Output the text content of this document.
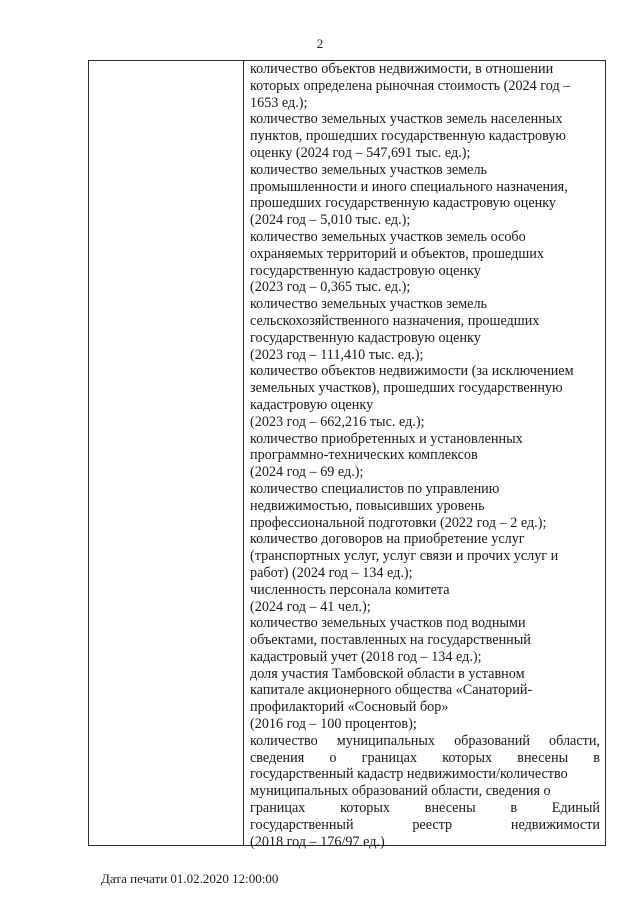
2
количество объектов недвижимости, в отношении
которых определена рыночная стоимость (2024 год –
1653 ед.);
количество земельных участков земель населенных
пунктов, прошедших государственную кадастровую
оценку (2024 год – 547,691 тыс. ед.);
количество земельных участков земель
промышленности и иного специального назначения,
прошедших государственную кадастровую оценку
(2024 год – 5,010 тыс. ед.);
количество земельных участков земель особо
охраняемых территорий и объектов, прошедших
государственную кадастровую оценку
(2023 год – 0,365 тыс. ед.);
количество земельных участков земель
сельскохозяйственного назначения, прошедших
государственную кадастровую оценку
(2023 год – 111,410 тыс. ед.);
количество объектов недвижимости (за исключением
земельных участков), прошедших государственную
кадастровую оценку
(2023 год – 662,216 тыс. ед.);
количество приобретенных и установленных
программно-технических комплексов
(2024 год – 69 ед.);
количество специалистов по управлению
недвижимостью, повысивших уровень
профессиональной подготовки (2022 год – 2 ед.);
количество договоров на приобретение услуг
(транспортных услуг, услуг связи и прочих услуг и
работ) (2024 год – 134 ед.);
численность персонала комитета
(2024 год – 41 чел.);
количество земельных участков под водными
объектами, поставленных на государственный
кадастровый учет (2018 год – 134 ед.);
доля участия Тамбовской области в уставном
капитале акционерного общества «Санаторий-
профилакторий «Сосновый бор»
(2016 год – 100 процентов);
количество муниципальных образований области,
сведения о границах которых внесены в
государственный кадастр недвижимости/количество
муниципальных образований области, сведения о
границах которых внесены в Единый
государственный	реестр	недвижимости
(2018 год – 176/97 ед.)
Дата печати 01.02.2020 12:00:00
